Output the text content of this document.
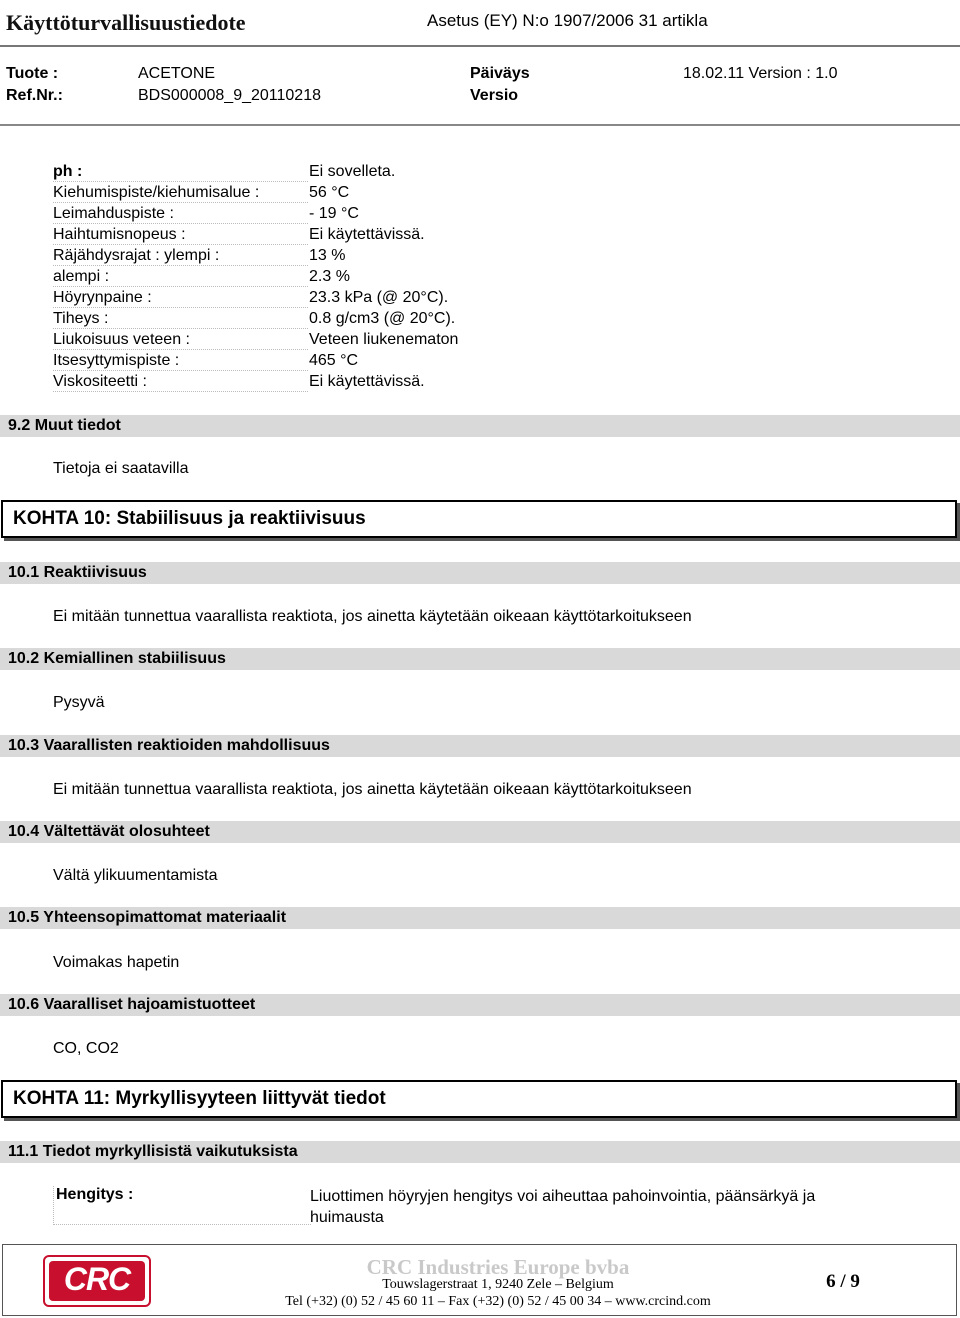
Käyttöturvallisuustiedote	Asetus (EY) N:o 1907/2006 31 artikla
Tuote :	ACETONE
Ref.Nr.:	BDS000008_9_20110218
Päiväys	18.02.11 Version : 1.0
Versio
ph :	Ei sovelleta.
Kiehumispiste/kiehumisalue :	56 °C
Leimahduspiste :	- 19 °C
Haihtumisnopeus :	Ei käytettävissä.
Räjähdysrajat : ylempi :	13 %
alempi :	2.3 %
Höyrynpaine :	23.3 kPa (@ 20°C).
Tiheys :	0.8 g/cm3 (@ 20°C).
Liukoisuus veteen :	Veteen liukenematon
Itsesyttymispiste :	465 °C
Viskositeetti :	Ei käytettävissä.
9.2 Muut tiedot
Tietoja ei saatavilla
KOHTA 10: Stabiilisuus ja reaktiivisuus
10.1 Reaktiivisuus
Ei mitään tunnettua vaarallista reaktiota, jos ainetta käytetään oikeaan käyttötarkoitukseen
10.2 Kemiallinen stabiilisuus
Pysyvä
10.3 Vaarallisten reaktioiden mahdollisuus
Ei mitään tunnettua vaarallista reaktiota, jos ainetta käytetään oikeaan käyttötarkoitukseen
10.4 Vältettävät olosuhteet
Vältä ylikuumentamista
10.5 Yhteensopimattomat materiaalit
Voimakas hapetin
10.6 Vaaralliset hajoamistuotteet
CO, CO2
KOHTA 11: Myrkyllisyyteen liittyvät tiedot
11.1 Tiedot myrkyllisistä vaikutuksista
Hengitys :	Liuottimen höyryjen hengitys voi aiheuttaa pahoinvointia, päänsärkyä ja huimausta
CRC	CRC Industries Europe bvba
Touwslagerstraat 1, 9240 Zele – Belgium
Tel (+32) (0) 52 / 45 60 11 – Fax (+32) (0) 52 / 45 00 34 – www.crcind.com
6 / 9
